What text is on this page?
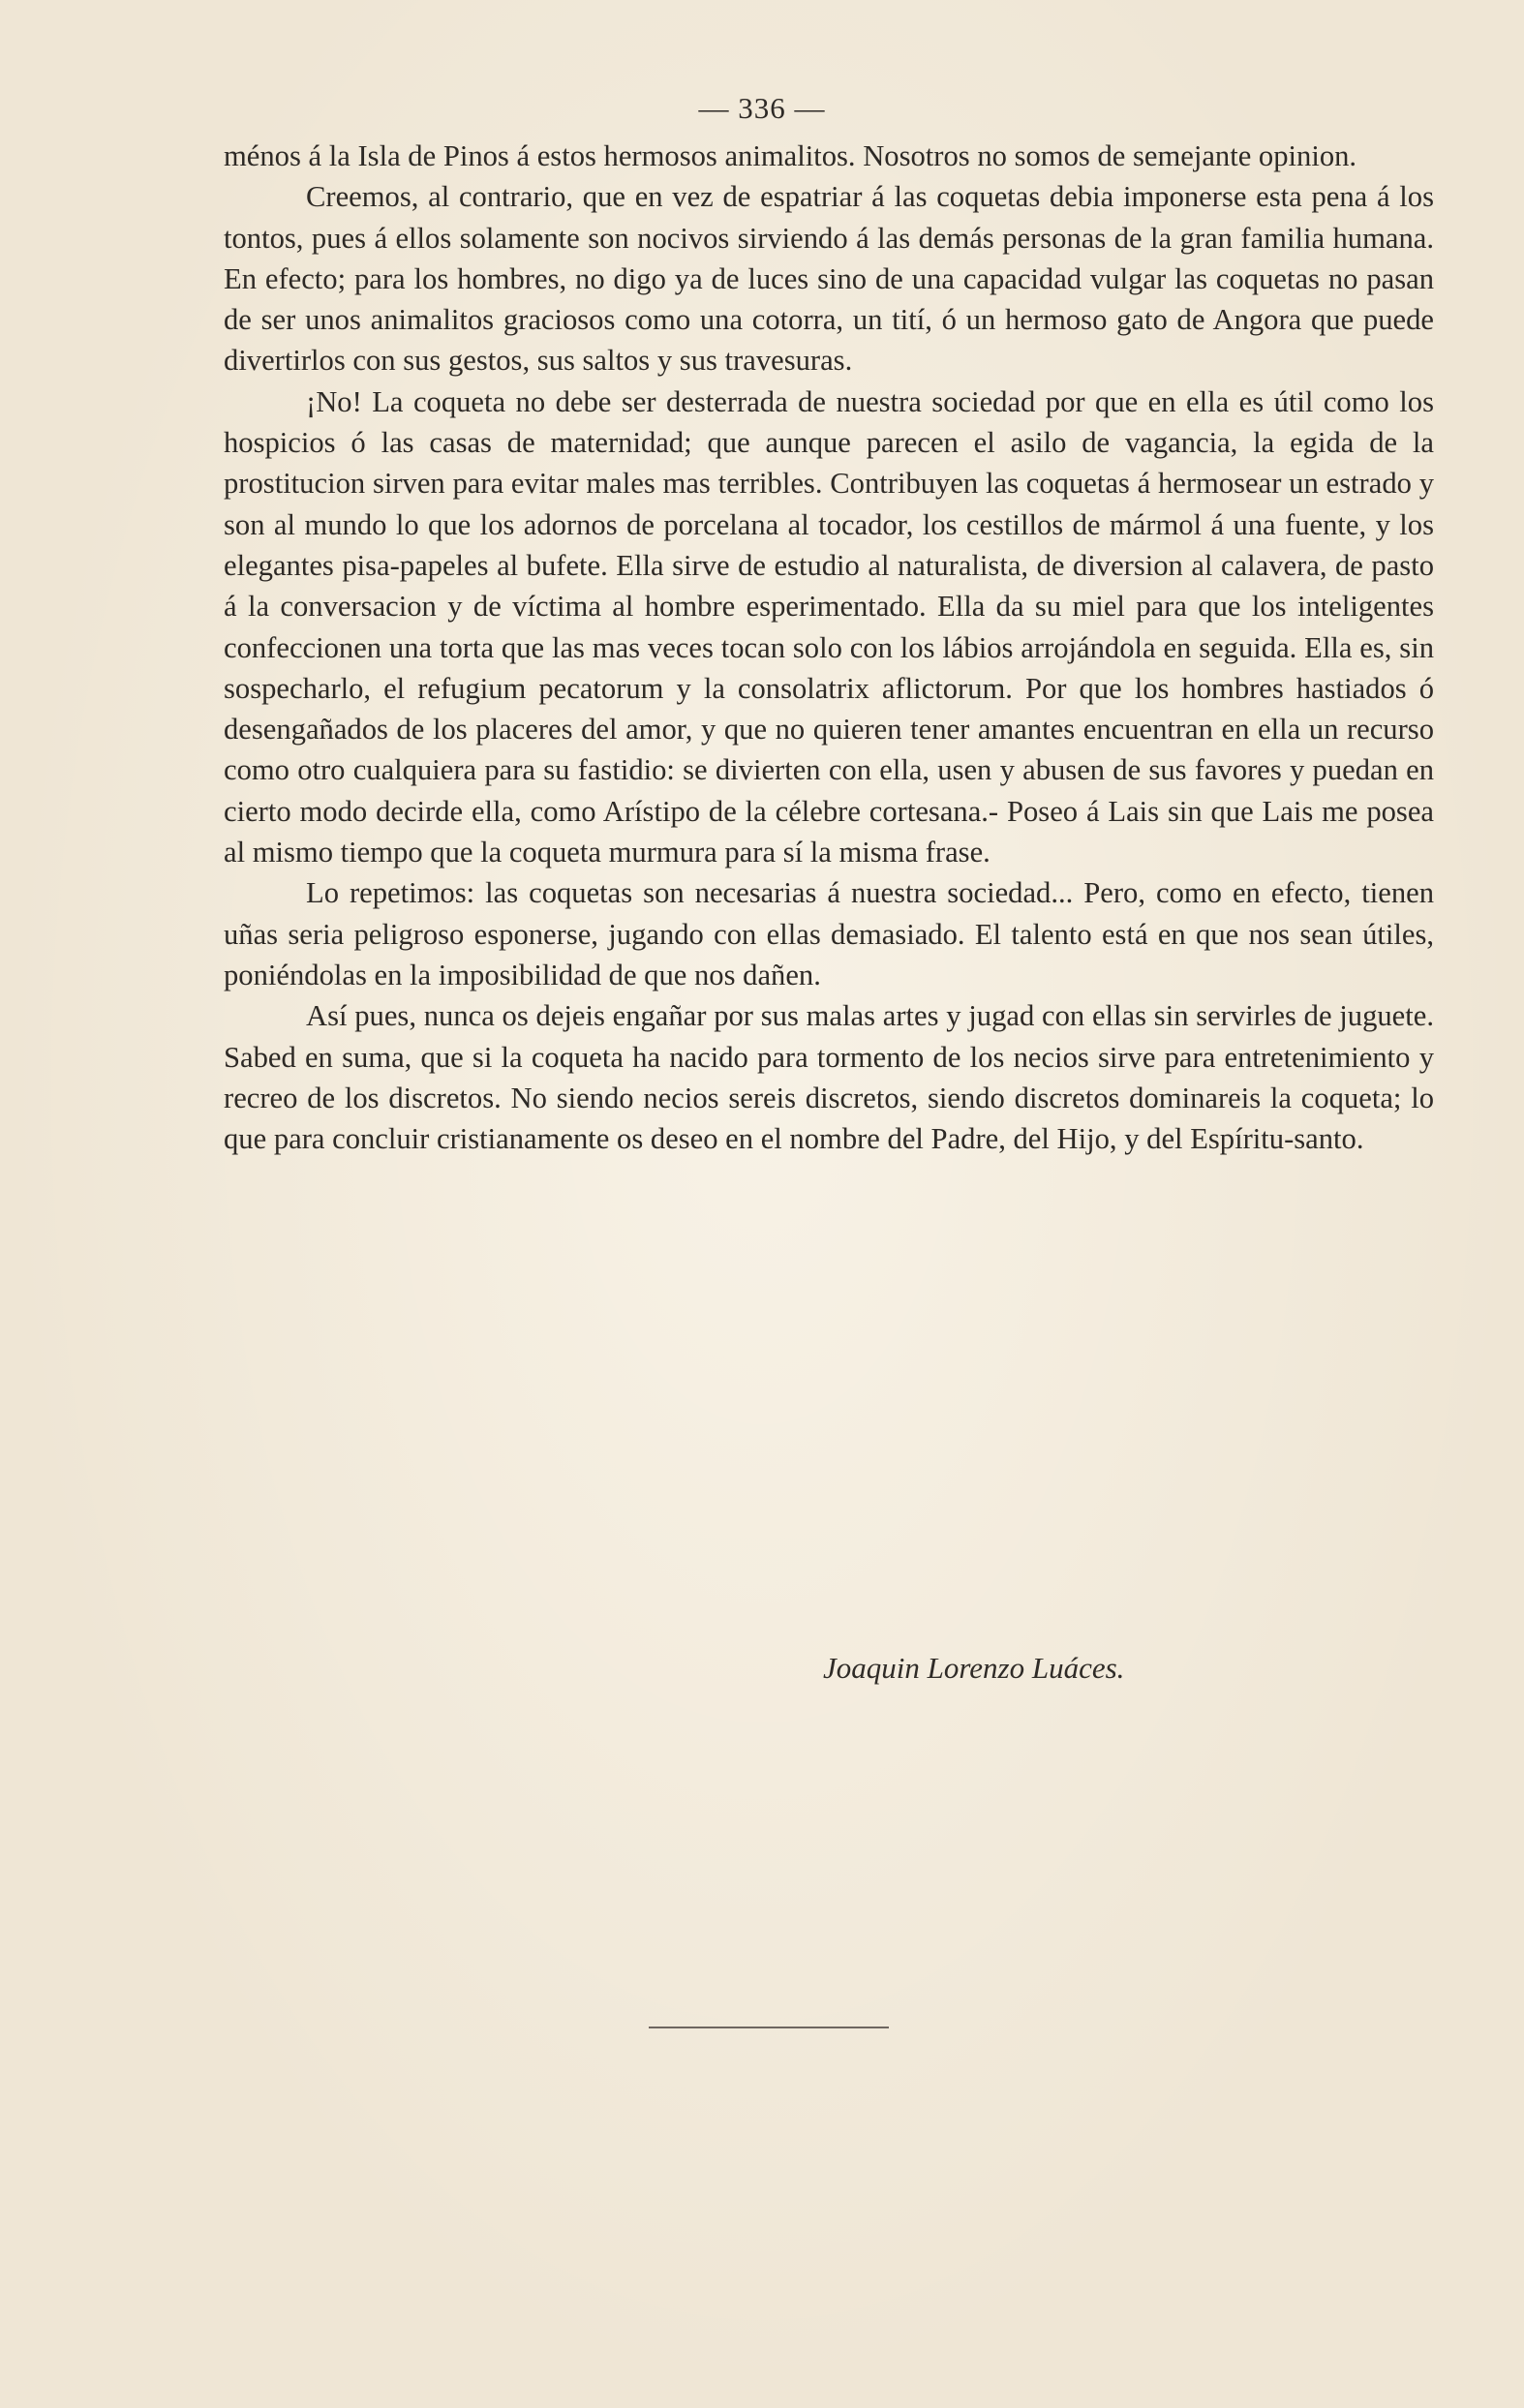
— 336 —

ménos á la Isla de Pinos á estos hermosos animalitos. Nosotros no somos de semejante opinion.

Creemos, al contrario, que en vez de espatriar á las coquetas debia imponerse esta pena á los tontos, pues á ellos solamente son nocivos sirviendo á las demás personas de la gran familia humana. En efecto; para los hombres, no digo ya de luces sino de una capacidad vulgar las coquetas no pasan de ser unos animalitos graciosos como una cotorra, un tití, ó un hermoso gato de Angora que puede divertirlos con sus gestos, sus saltos y sus travesuras.

¡No! La coqueta no debe ser desterrada de nuestra sociedad por que en ella es útil como los hospicios ó las casas de maternidad; que aunque parecen el asilo de vagancia, la egida de la prostitucion sirven para evitar males mas terribles. Contribuyen las coquetas á hermosear un estrado y son al mundo lo que los adornos de porcelana al tocador, los cestillos de mármol á una fuente, y los elegantes pisa-papeles al bufete. Ella sirve de estudio al naturalista, de diversion al calavera, de pasto á la conversacion y de víctima al hombre esperimentado. Ella da su miel para que los inteligentes confeccionen una torta que las mas veces tocan solo con los lábios arrojándola en seguida. Ella es, sin sospecharlo, el refugium pecatorum y la consolatrix aflictorum. Por que los hombres hastiados ó desengañados de los placeres del amor, y que no quieren tener amantes encuentran en ella un recurso como otro cualquiera para su fastidio: se divierten con ella, usen y abusen de sus favores y puedan en cierto modo decirde ella, como Arístipo de la célebre cortesana.- Poseo á Lais sin que Lais me posea al mismo tiempo que la coqueta murmura para sí la misma frase.

Lo repetimos: las coquetas son necesarias á nuestra sociedad... Pero, como en efecto, tienen uñas seria peligroso esponerse, jugando con ellas demasiado. El talento está en que nos sean útiles, poniéndolas en la imposibilidad de que nos dañen.

Así pues, nunca os dejeis engañar por sus malas artes y jugad con ellas sin servirles de juguete. Sabed en suma, que si la coqueta ha nacido para tormento de los necios sirve para entretenimiento y recreo de los discretos. No siendo necios sereis discretos, siendo discretos dominareis la coqueta; lo que para concluir cristianamente os deseo en el nombre del Padre, del Hijo, y del Espíritu-santo.

Joaquin Lorenzo Luáces.
